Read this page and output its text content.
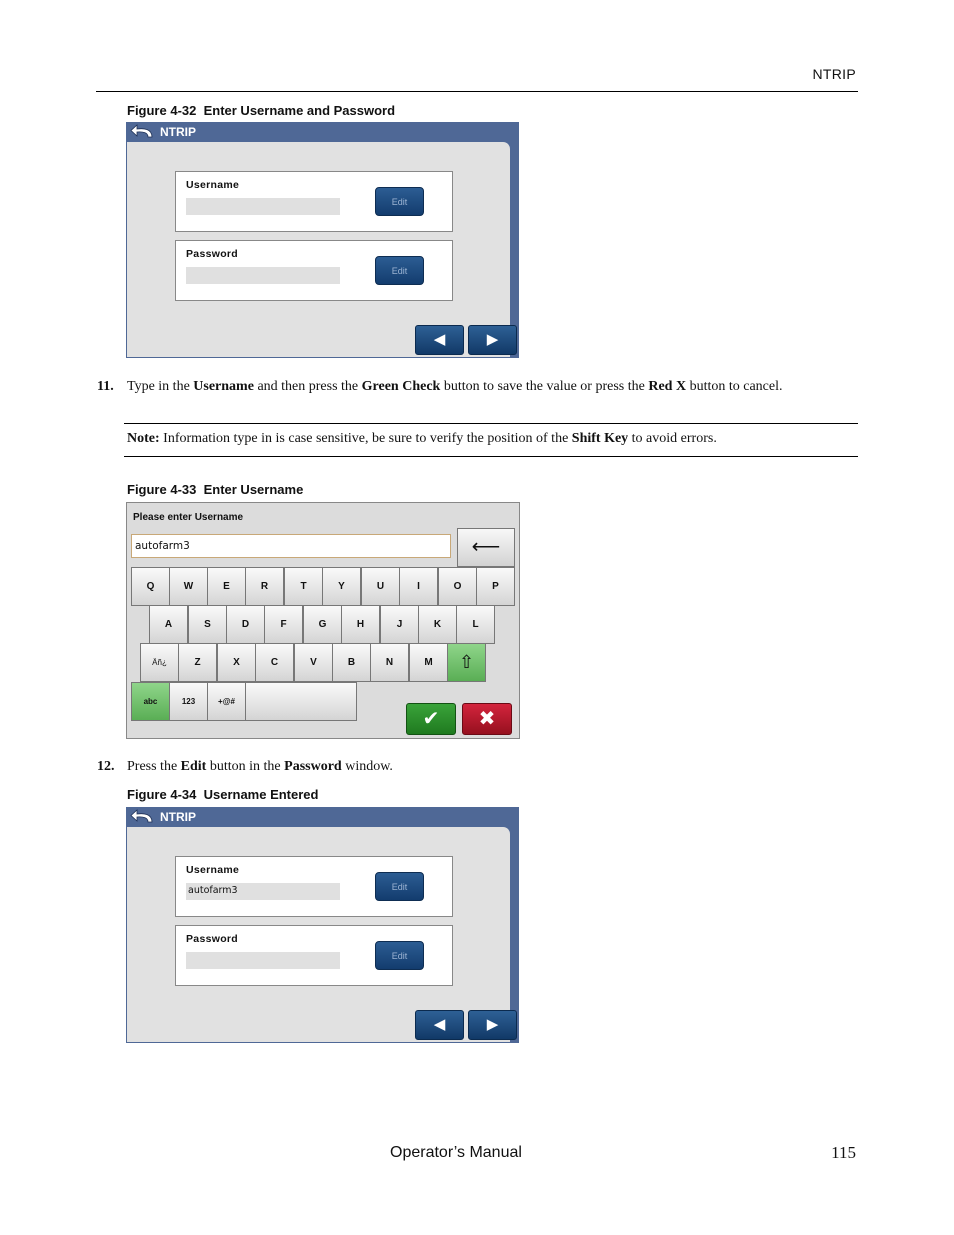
NTRIP
Figure 4-32 Enter Username and Password
NTRIP
Username
Edit
Password
Edit
◀	▶
11. Type in the Username and then press the Green Check button to save the value or press the Red X button to cancel.
Note: Information type in is case sensitive, be sure to verify the position of the Shift Key to avoid errors.
Figure 4-33 Enter Username
Please enter Username
autofarm3	⟵
Q	W	E	R	T	Y	U	I	O	P
A	S	D	F	G	H	J	K	L
Äñ¿	Z	X	C	V	B	N	M	⇧
abc	123	+@#
✔	✖
12. Press the Edit button in the Password window.
Figure 4-34 Username Entered
NTRIP
Username
autofarm3	Edit
Password
Edit
◀	▶
Operator’s Manual	115
